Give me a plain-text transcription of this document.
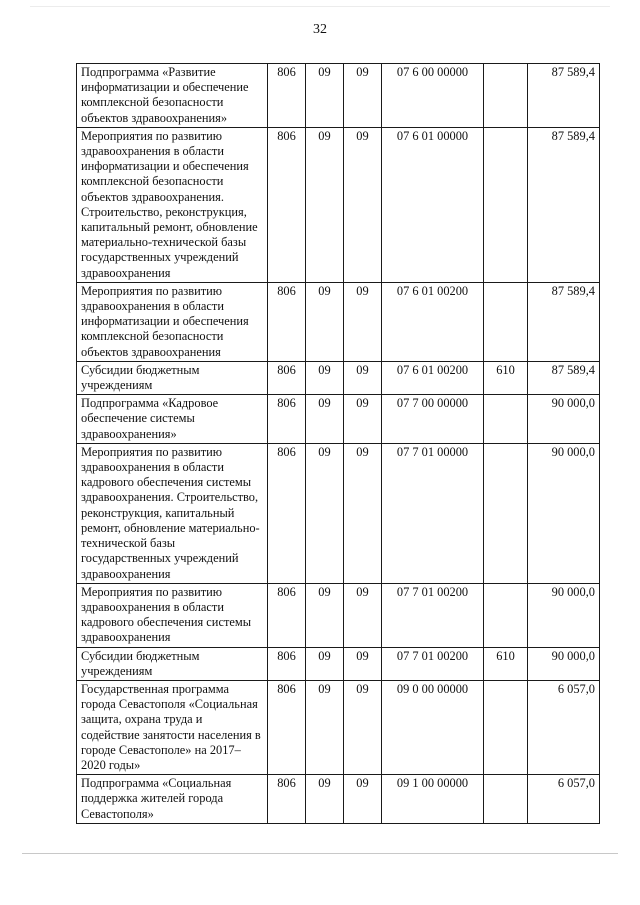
32
Подпрограмма «Развитие информатизации и обеспечение комплексной безопасности объектов здравоохранения»	806	09	09	07 6 00 00000		87 589,4
Мероприятия по развитию здравоохранения в области информатизации и обеспечения комплексной безопасности объектов здравоохранения. Строительство, реконструкция, капитальный ремонт, обновление материально-технической базы государственных учреждений здравоохранения	806	09	09	07 6 01 00000		87 589,4
Мероприятия по развитию здравоохранения в области информатизации и обеспечения комплексной безопасности объектов здравоохранения	806	09	09	07 6 01 00200		87 589,4
Субсидии бюджетным учреждениям	806	09	09	07 6 01 00200	610	87 589,4
Подпрограмма «Кадровое обеспечение системы здравоохранения»	806	09	09	07 7 00 00000		90 000,0
Мероприятия по развитию здравоохранения в области кадрового обеспечения системы здравоохранения. Строительство, реконструкция, капитальный ремонт, обновление материально-технической базы государственных учреждений здравоохранения	806	09	09	07 7 01 00000		90 000,0
Мероприятия по развитию здравоохранения в области кадрового обеспечения системы здравоохранения	806	09	09	07 7 01 00200		90 000,0
Субсидии бюджетным учреждениям	806	09	09	07 7 01 00200	610	90 000,0
Государственная программа города Севастополя «Социальная защита, охрана труда и содействие занятости населения в городе Севастополе» на 2017–2020 годы»	806	09	09	09 0 00 00000		6 057,0
Подпрограмма «Социальная поддержка жителей города Севастополя»	806	09	09	09 1 00 00000		6 057,0
